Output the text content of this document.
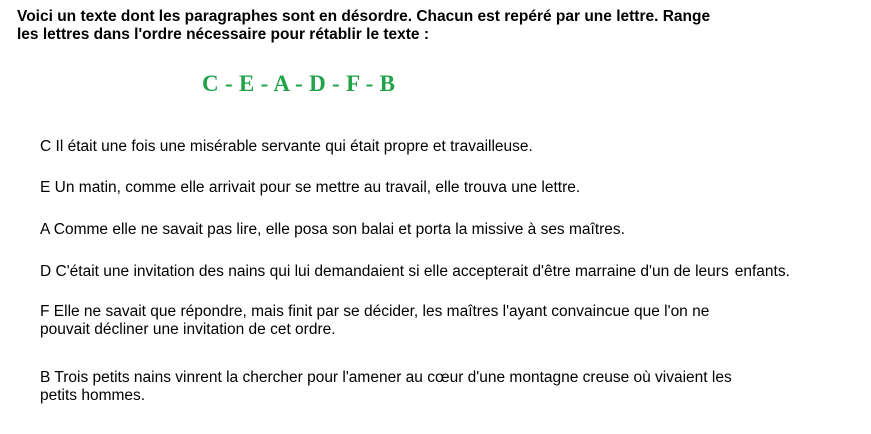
Voici un texte dont les paragraphes sont en désordre. Chacun est repéré par une lettre. Range
les lettres dans l'ordre nécessaire pour rétablir le texte :
C - E - A - D - F - B
C Il était une fois une misérable servante qui était propre et travailleuse.
E Un matin, comme elle arrivait pour se mettre au travail, elle trouva une lettre.
A Comme elle ne savait pas lire, elle posa son balai et porta la missive à ses maîtres.
D C'était une invitation des nains qui lui demandaient si elle accepterait d'être marraine d'un de leurs enfants.
F Elle ne savait que répondre, mais finit par se décider, les maîtres l'ayant convaincue que l'on ne
pouvait décliner une invitation de cet ordre.
B Trois petits nains vinrent la chercher pour l'amener au cœur d'une montagne creuse où vivaient les
petits hommes.
